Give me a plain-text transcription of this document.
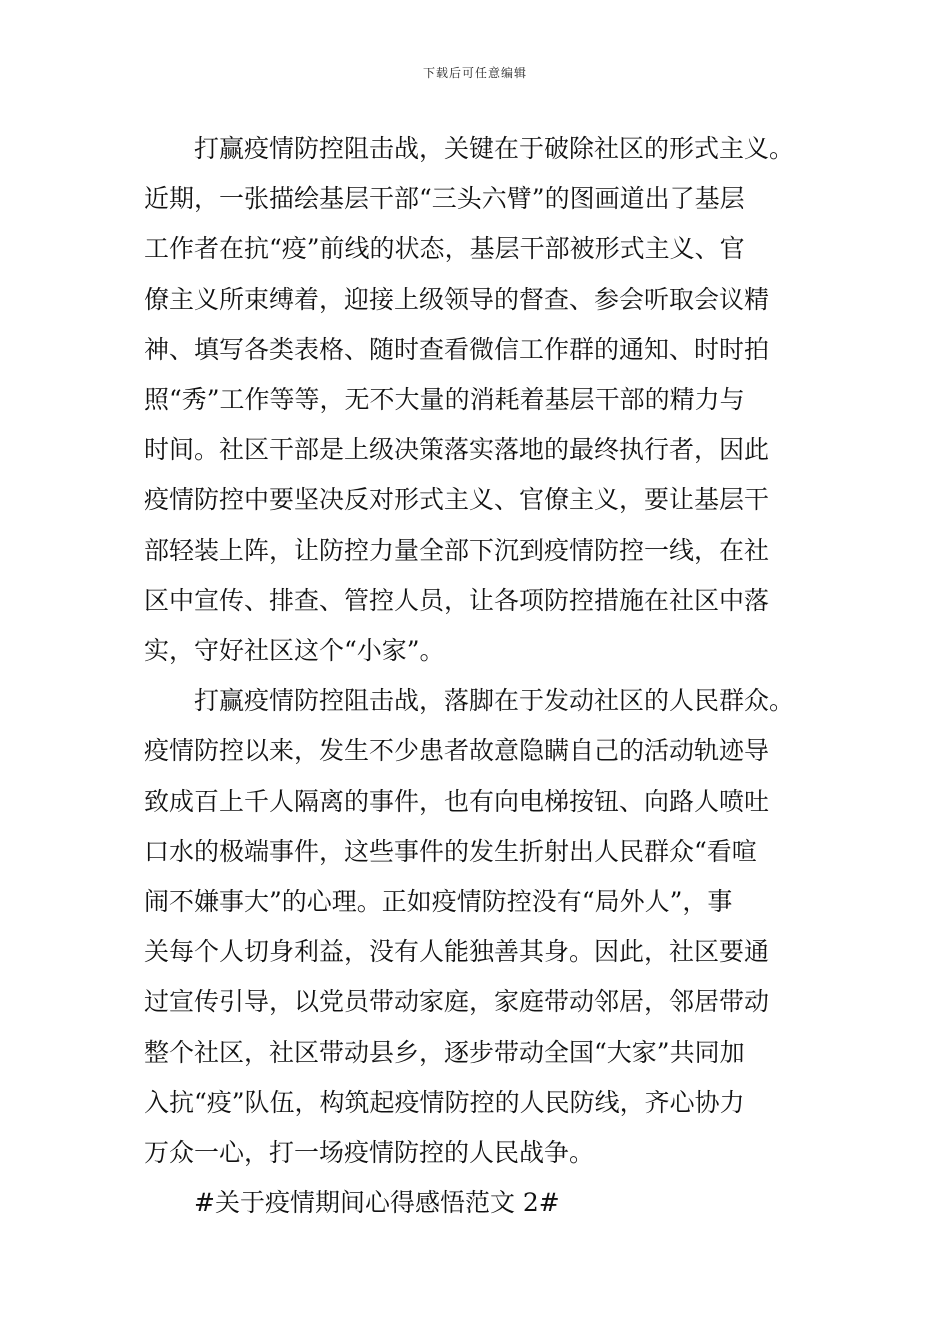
下载后可任意编辑

打赢疫情防控阻击战，关键在于破除社区的形式主义。
近期，一张描绘基层干部“三头六臂”的图画道出了基层
工作者在抗“疫”前线的状态，基层干部被形式主义、官
僚主义所束缚着，迎接上级领导的督查、参会听取会议精
神、填写各类表格、随时查看微信工作群的通知、时时拍
照“秀”工作等等，无不大量的消耗着基层干部的精力与
时间。社区干部是上级决策落实落地的最终执行者，因此
疫情防控中要坚决反对形式主义、官僚主义，要让基层干
部轻装上阵，让防控力量全部下沉到疫情防控一线，在社
区中宣传、排查、管控人员，让各项防控措施在社区中落
实，守好社区这个“小家”。

打赢疫情防控阻击战，落脚在于发动社区的人民群众。
疫情防控以来，发生不少患者故意隐瞒自己的活动轨迹导
致成百上千人隔离的事件，也有向电梯按钮、向路人喷吐
口水的极端事件，这些事件的发生折射出人民群众“看喧
闹不嫌事大”的心理。正如疫情防控没有“局外人”，事
关每个人切身利益，没有人能独善其身。因此，社区要通
过宣传引导，以党员带动家庭，家庭带动邻居，邻居带动
整个社区，社区带动县乡，逐步带动全国“大家”共同加
入抗“疫”队伍，构筑起疫情防控的人民防线，齐心协力
万众一心，打一场疫情防控的人民战争。

#关于疫情期间心得感悟范文 2#
